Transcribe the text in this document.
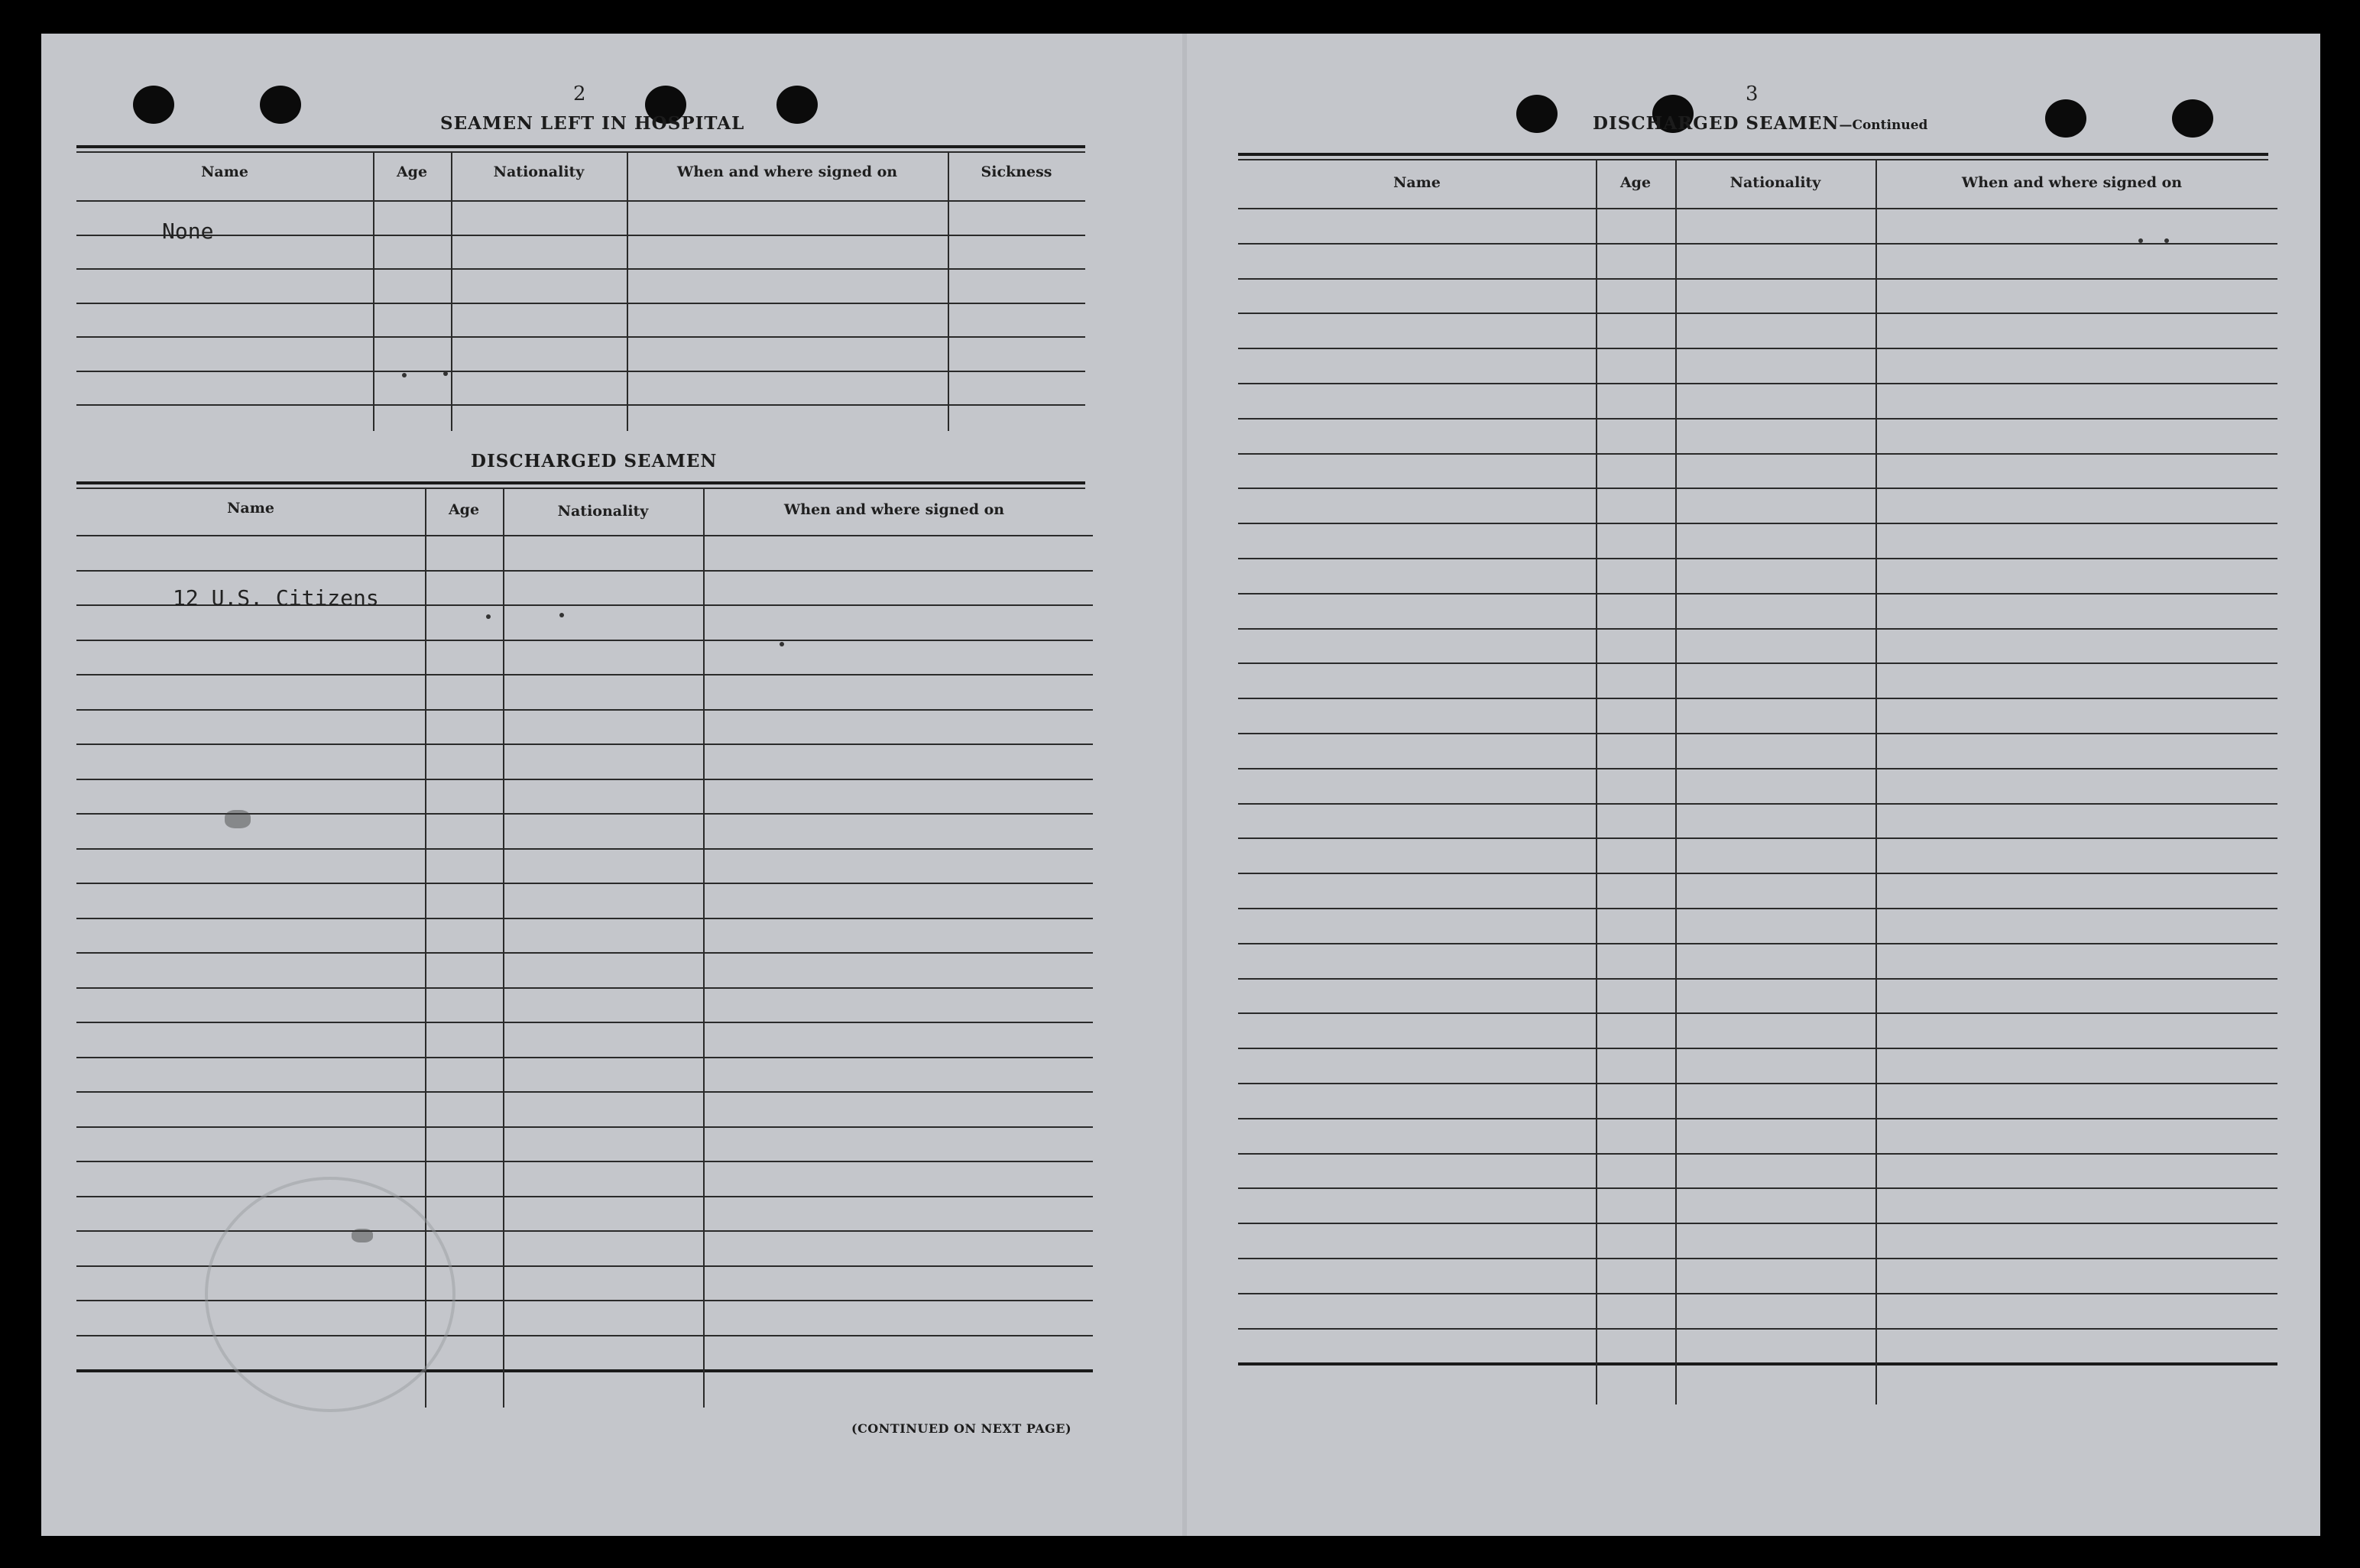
2
SEAMEN LEFT IN HOSPITAL
Name	Age	Nationality	When and where signed on	Sickness
None
DISCHARGED SEAMEN
Name	Age	Nationality	When and where signed on
12 U.S. Citizens
(CONTINUED ON NEXT PAGE)
3
DISCHARGED SEAMEN—Continued
Name	Age	Nationality	When and where signed on
